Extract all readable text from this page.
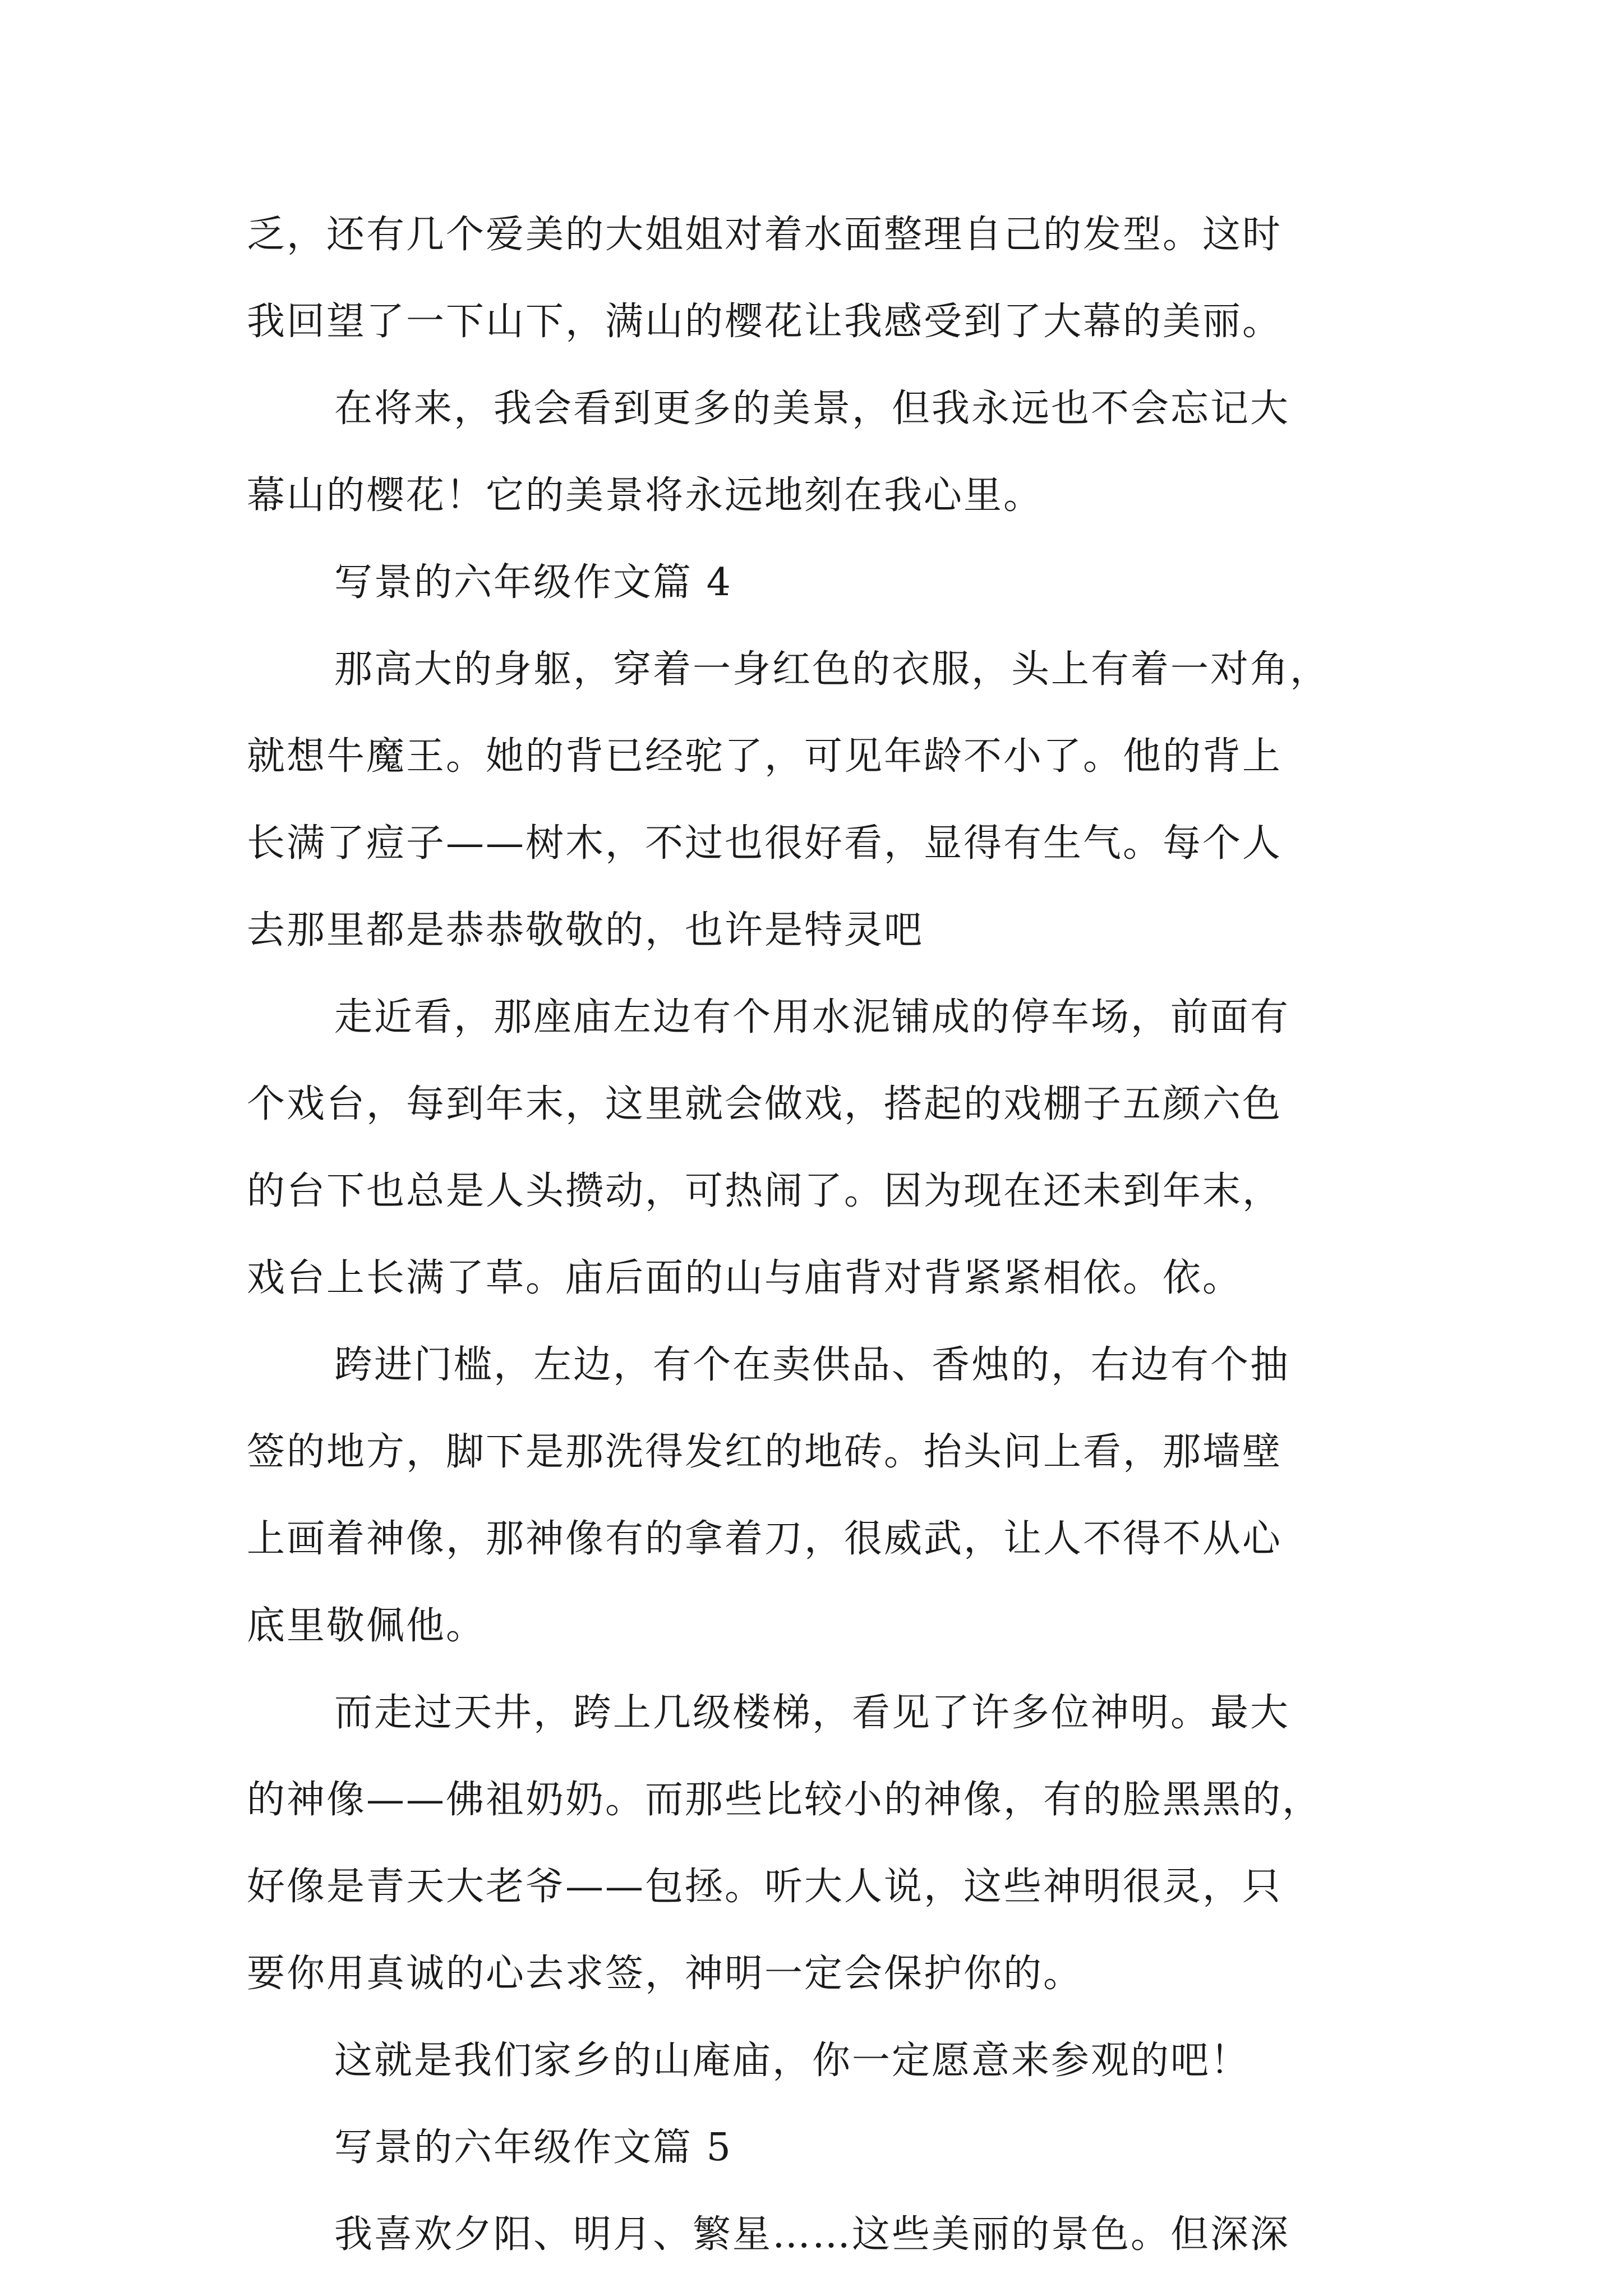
乏，还有几个爱美的大姐姐对着水面整理自己的发型。这时
我回望了一下山下，满山的樱花让我感受到了大幕的美丽。
在将来，我会看到更多的美景，但我永远也不会忘记大
幕山的樱花！它的美景将永远地刻在我心里。
写景的六年级作文篇 4
那高大的身躯，穿着一身红色的衣服，头上有着一对角，
就想牛魔王。她的背已经驼了，可见年龄不小了。他的背上
长满了痘子——树木，不过也很好看，显得有生气。每个人
去那里都是恭恭敬敬的，也许是特灵吧
走近看，那座庙左边有个用水泥铺成的停车场，前面有
个戏台，每到年末，这里就会做戏，搭起的戏棚子五颜六色
的台下也总是人头攒动，可热闹了。因为现在还未到年末，
戏台上长满了草。庙后面的山与庙背对背紧紧相依。依。
跨进门槛，左边，有个在卖供品、香烛的，右边有个抽
签的地方，脚下是那洗得发红的地砖。抬头问上看，那墙壁
上画着神像，那神像有的拿着刀，很威武，让人不得不从心
底里敬佩他。
而走过天井，跨上几级楼梯，看见了许多位神明。最大
的神像——佛祖奶奶。而那些比较小的神像，有的脸黑黑的，
好像是青天大老爷——包拯。听大人说，这些神明很灵，只
要你用真诚的心去求签，神明一定会保护你的。
这就是我们家乡的山庵庙，你一定愿意来参观的吧！
写景的六年级作文篇 5
我喜欢夕阳、明月、繁星……这些美丽的景色。但深深
